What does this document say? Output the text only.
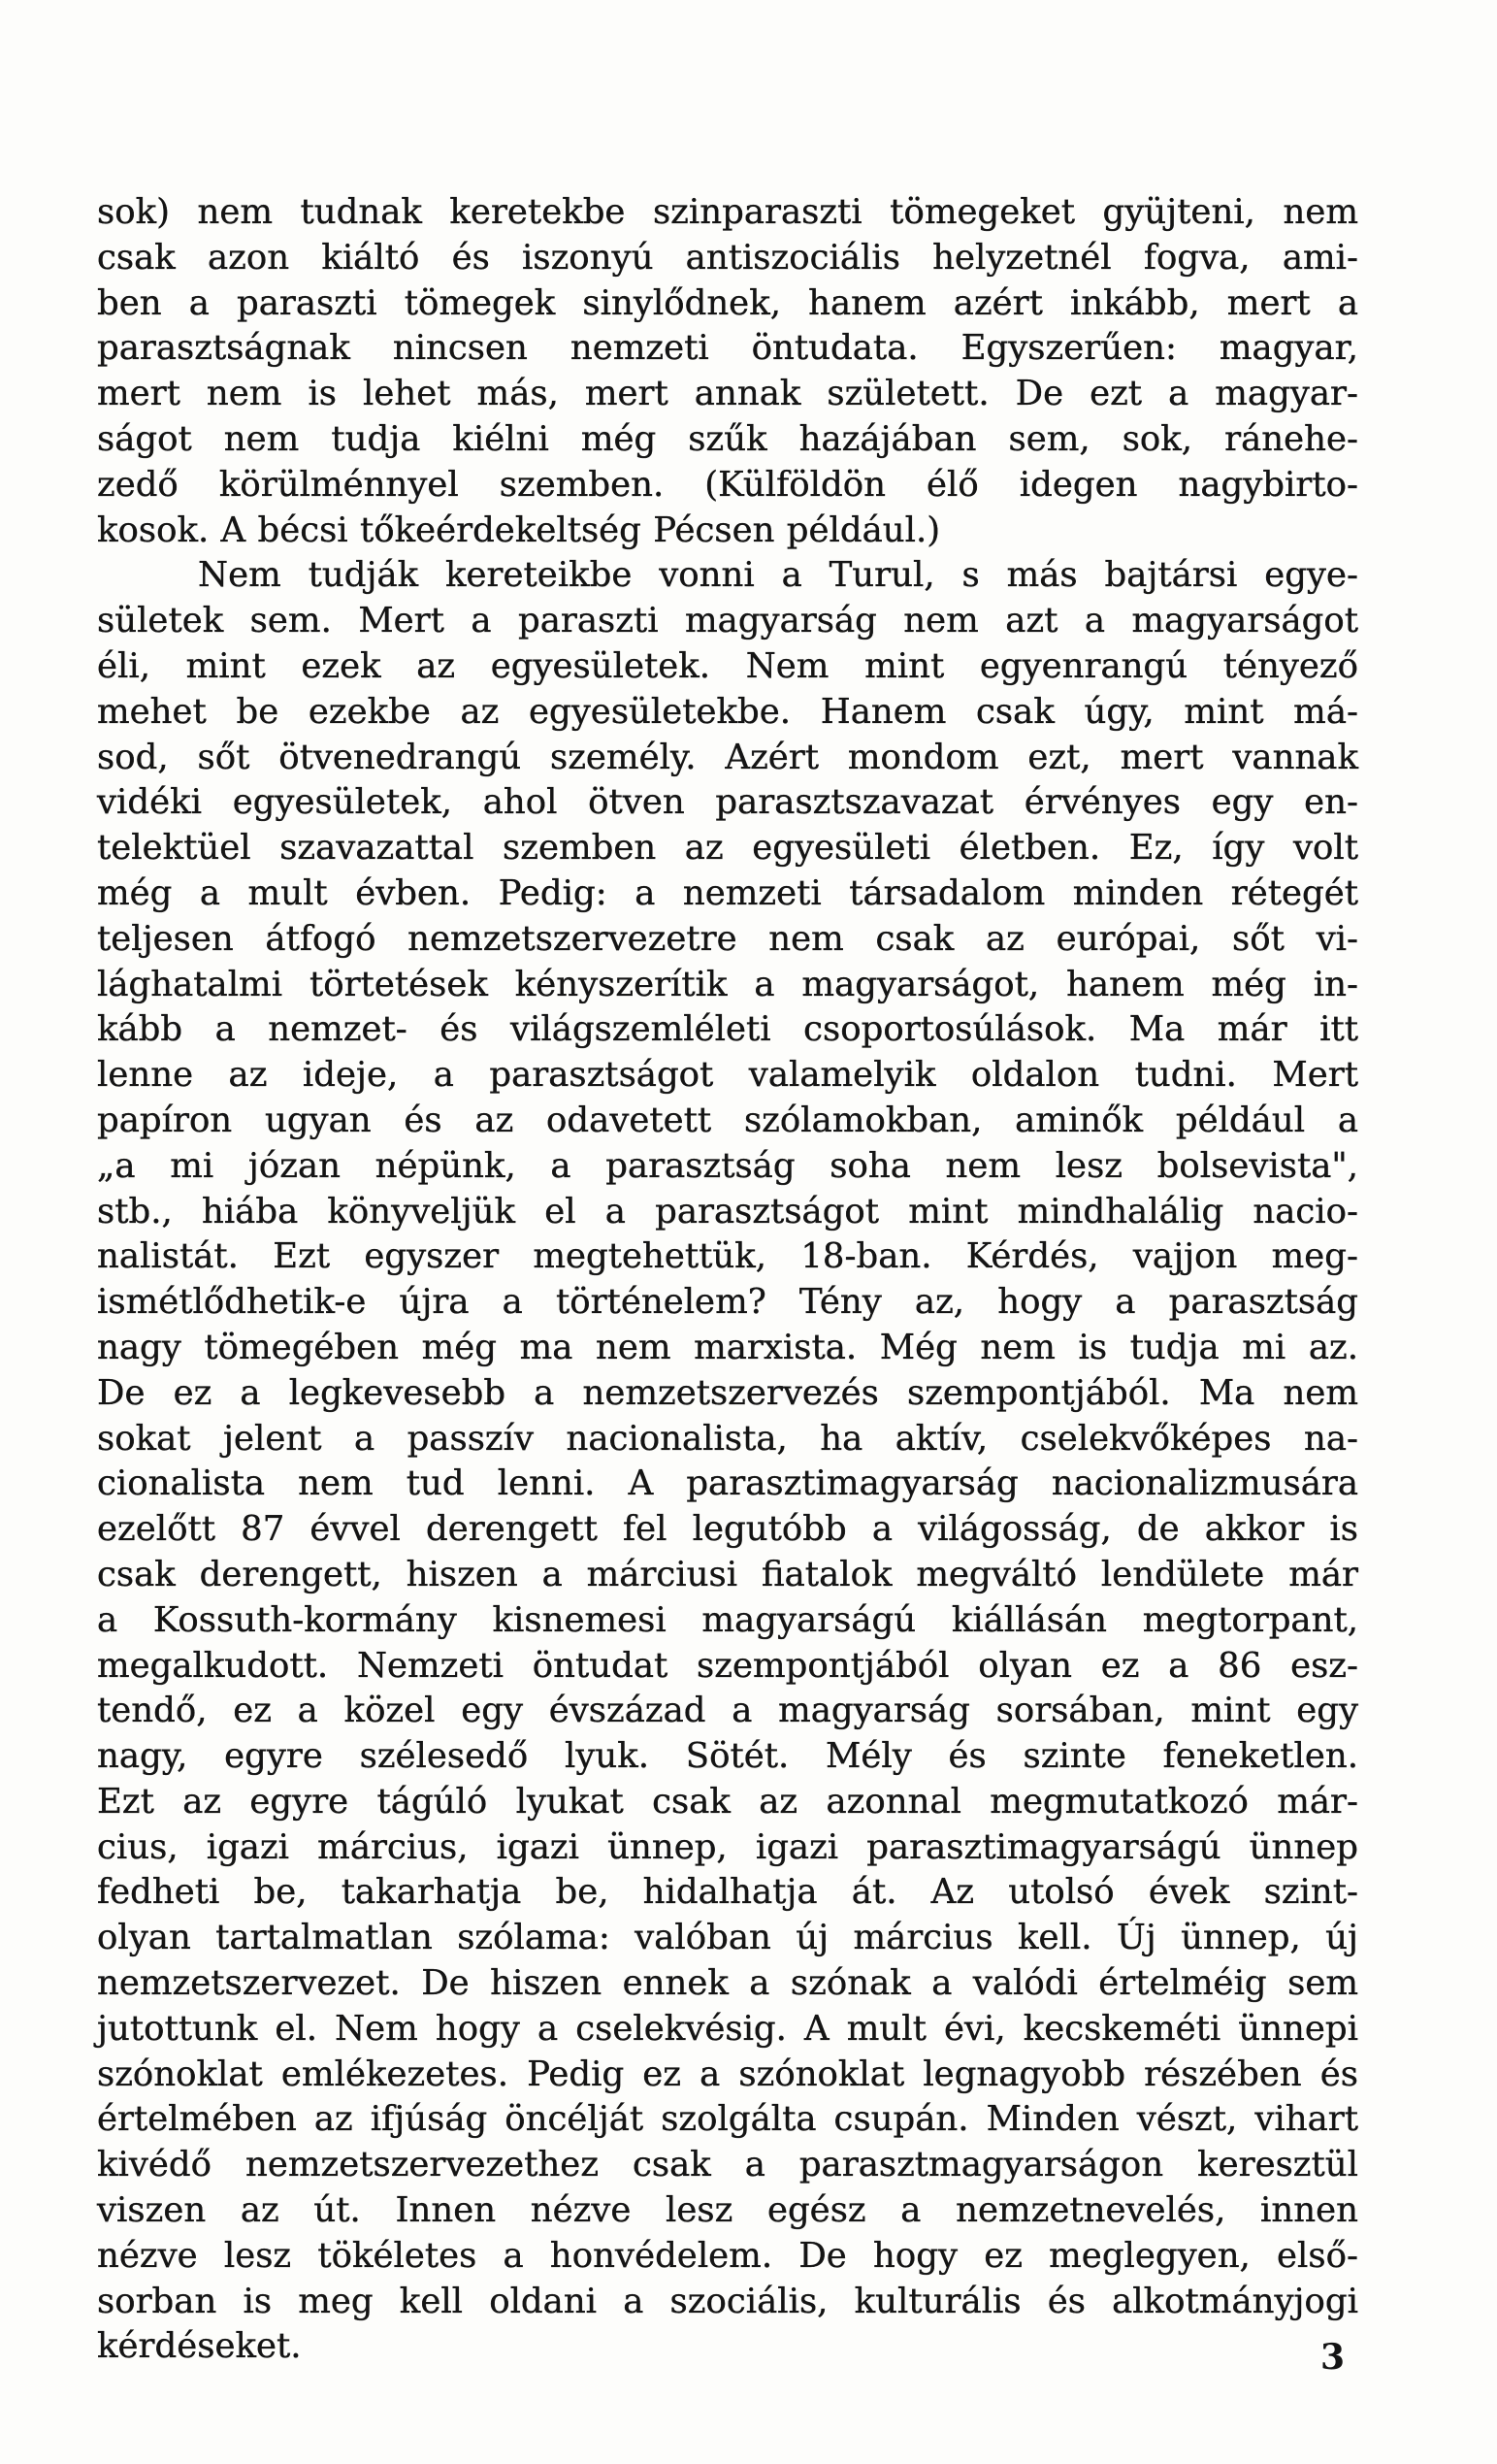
sok) nem tudnak keretekbe szinparaszti tömegeket gyüjteni, nem
csak azon kiáltó és iszonyú antiszociális helyzetnél fogva, ami-
ben a paraszti tömegek sinylődnek, hanem azért inkább, mert a
parasztságnak nincsen nemzeti öntudata. Egyszerűen: magyar,
mert nem is lehet más, mert annak született. De ezt a magyar-
ságot nem tudja kiélni még szűk hazájában sem, sok, ránehe-
zedő körülménnyel szemben. (Külföldön élő idegen nagybirto-
kosok. A bécsi tőkeérdekeltség Pécsen például.)
Nem tudják kereteikbe vonni a Turul, s más bajtársi egye-
sületek sem. Mert a paraszti magyarság nem azt a magyarságot
éli, mint ezek az egyesületek. Nem mint egyenrangú tényező
mehet be ezekbe az egyesületekbe. Hanem csak úgy, mint má-
sod, sőt ötvenedrangú személy. Azért mondom ezt, mert vannak
vidéki egyesületek, ahol ötven parasztszavazat érvényes egy en-
telektüel szavazattal szemben az egyesületi életben. Ez, így volt
még a mult évben. Pedig: a nemzeti társadalom minden rétegét
teljesen átfogó nemzetszervezetre nem csak az európai, sőt vi-
lághatalmi törtetések kényszerítik a magyarságot, hanem még in-
kább a nemzet- és világszemléleti csoportosúlások. Ma már itt
lenne az ideje, a parasztságot valamelyik oldalon tudni. Mert
papíron ugyan és az odavetett szólamokban, aminők például a
„a mi józan népünk, a parasztság soha nem lesz bolsevista",
stb., hiába könyveljük el a parasztságot mint mindhalálig nacio-
nalistát. Ezt egyszer megtehettük, 18-ban. Kérdés, vajjon meg-
ismétlődhetik-e újra a történelem? Tény az, hogy a parasztság
nagy tömegében még ma nem marxista. Még nem is tudja mi az.
De ez a legkevesebb a nemzetszervezés szempontjából. Ma nem
sokat jelent a passzív nacionalista, ha aktív, cselekvőképes na-
cionalista nem tud lenni. A parasztimagyarság nacionalizmusára
ezelőtt 87 évvel derengett fel legutóbb a világosság, de akkor is
csak derengett, hiszen a márciusi fiatalok megváltó lendülete már
a Kossuth-kormány kisnemesi magyarságú kiállásán megtorpant,
megalkudott. Nemzeti öntudat szempontjából olyan ez a 86 esz-
tendő, ez a közel egy évszázad a magyarság sorsában, mint egy
nagy, egyre szélesedő lyuk. Sötét. Mély és szinte feneketlen.
Ezt az egyre tágúló lyukat csak az azonnal megmutatkozó már-
cius, igazi március, igazi ünnep, igazi parasztimagyarságú ünnep
fedheti be, takarhatja be, hidalhatja át. Az utolsó évek szint-
olyan tartalmatlan szólama: valóban új március kell. Új ünnep, új
nemzetszervezet. De hiszen ennek a szónak a valódi értelméig sem
jutottunk el. Nem hogy a cselekvésig. A mult évi, kecskeméti ünnepi
szónoklat emlékezetes. Pedig ez a szónoklat legnagyobb részében és
értelmében az ifjúság öncélját szolgálta csupán. Minden vészt, vihart
kivédő nemzetszervezethez csak a parasztmagyarságon keresztül
viszen az út. Innen nézve lesz egész a nemzetnevelés, innen
nézve lesz tökéletes a honvédelem. De hogy ez meglegyen, első-
sorban is meg kell oldani a szociális, kulturális és alkotmányjogi
kérdéseket.	3
